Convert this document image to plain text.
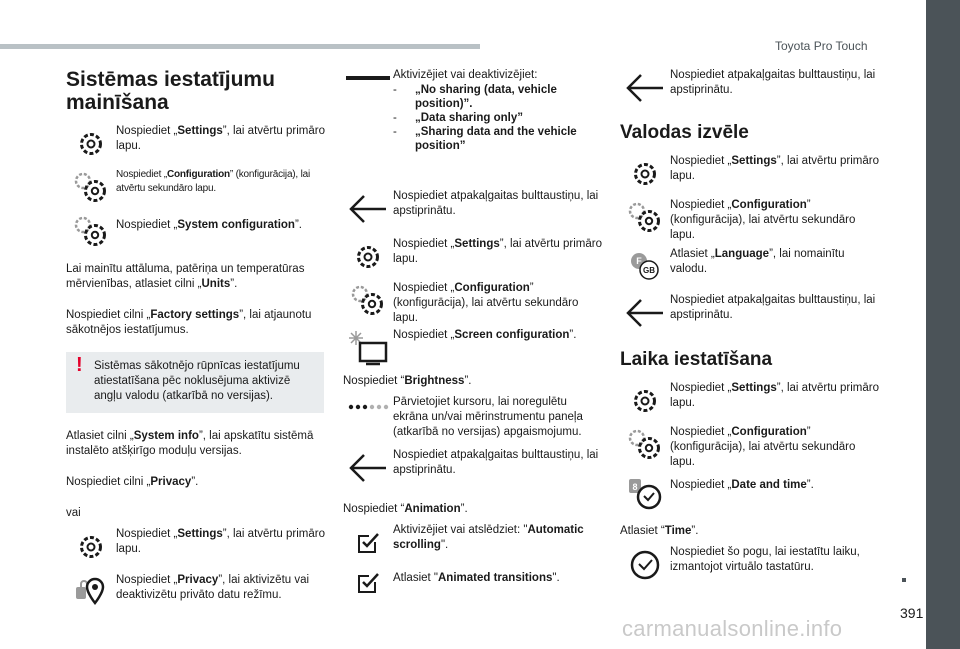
Toyota Pro Touch
391
carmanualsonline.info
Sistēmas iestatījumu
mainīšana
Nospiediet „Settings”, lai atvērtu primāro lapu.
Nospiediet „Configuration” (konfigurācija), lai atvērtu sekundāro lapu.
Nospiediet „System configuration”.

Lai mainītu attāluma, patēriņa un temperatūras mērvienības, atlasiet cilni „Units”.

Nospiediet cilni „Factory settings”, lai atjaunotu sākotnējos iestatījumus.

! Sistēmas sākotnējo rūpnīcas iestatījumu atiestatīšana pēc noklusējuma aktivizē angļu valodu (atkarībā no versijas).

Atlasiet cilni „System info”, lai apskatītu sistēmā instalēto atšķirīgo moduļu versijas.

Nospiediet cilni „Privacy”.

vai

Nospiediet „Settings”, lai atvērtu primāro lapu.
Nospiediet „Privacy”, lai aktivizētu vai deaktivizētu privāto datu režīmu.
Aktivizējiet vai deaktivizējiet:
-	„No sharing (data, vehicle position)”.
-	„Data sharing only”
-	„Sharing data and the vehicle position”
Nospiediet atpakaļgaitas bulttaustiņu, lai apstiprinātu.
Nospiediet „Settings”, lai atvērtu primāro lapu.
Nospiediet „Configuration” (konfigurācija), lai atvērtu sekundāro lapu.
Nospiediet „Screen configuration”.

Nospiediet “Brightness”.

Pārvietojiet kursoru, lai noregulētu ekrāna un/vai mērinstrumentu paneļa (atkarībā no versijas) apgaismojumu.
Nospiediet atpakaļgaitas bulttaustiņu, lai apstiprinātu.

Nospiediet “Animation”.

Aktivizējiet vai atslēdziet: "Automatic scrolling".
Atlasiet "Animated transitions".
Nospiediet atpakaļgaitas bulttaustiņu, lai apstiprinātu.
Valodas izvēle
Nospiediet „Settings”, lai atvērtu primāro lapu.
Nospiediet „Configuration” (konfigurācija), lai atvērtu sekundāro lapu.
F
GB
Atlasiet „Language”, lai nomainītu valodu.
Nospiediet atpakaļgaitas bulttaustiņu, lai apstiprinātu.
Laika iestatīšana
Nospiediet „Settings”, lai atvērtu primāro lapu.
Nospiediet „Configuration” (konfigurācija), lai atvērtu sekundāro lapu.
8	Nospiediet „Date and time”.

Atlasiet “Time”.

Nospiediet šo pogu, lai iestatītu laiku, izmantojot virtuālo tastatūru.
